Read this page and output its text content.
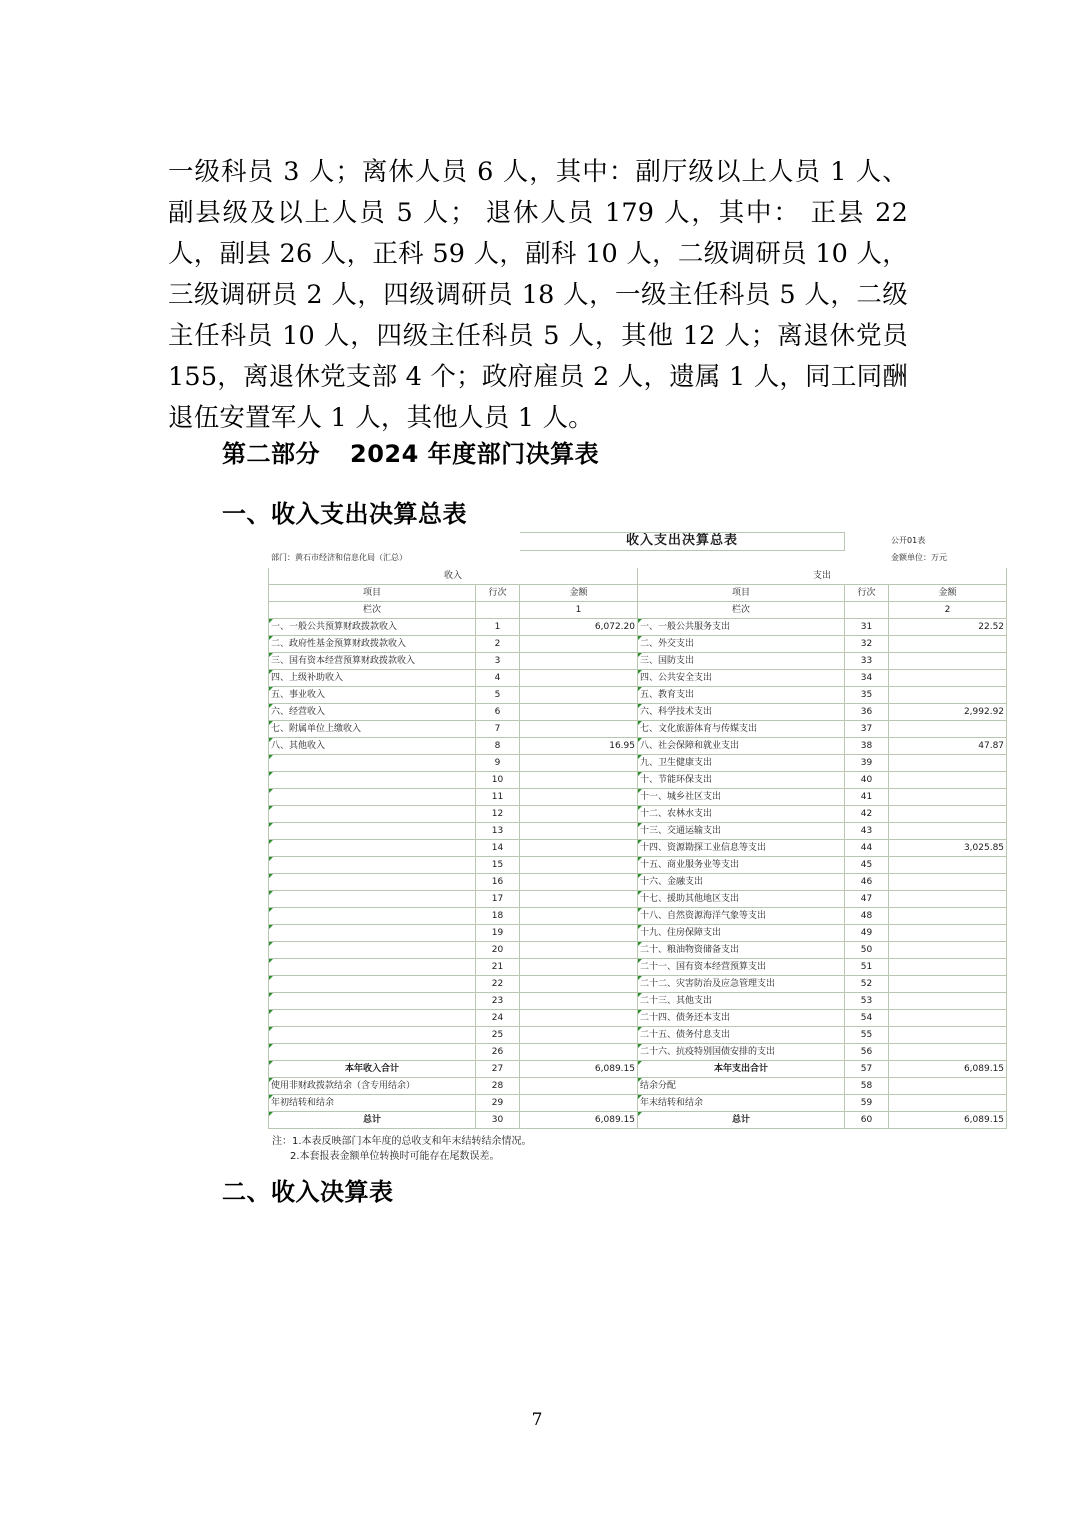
一级科员 3 人；离休人员 6 人，其中：副厅级以上人员 1 人、副县级及以上人员 5 人； 退休人员 179 人，其中： 正县 22 人，副县 26 人，正科 59 人，副科 10 人，二级调研员 10 人，三级调研员 2 人，四级调研员 18 人，一级主任科员 5 人，二级主任科员 10 人，四级主任科员 5 人，其他 12 人；离退休党员 155，离退休党支部 4 个；政府雇员 2 人，遗属 1 人，同工同酬退伍安置军人 1 人，其他人员 1 人。

第二部分 2024 年度部门决算表
一、收入支出决算总表
		收入支出决算总表			公开01表
部门：黄石市经济和信息化局（汇总）					金额单位：万元
收入			支出		
项目	行次	金额	项目	行次	金额
栏次		1	栏次		2
一、一般公共预算财政拨款收入	1	6,072.20	一、一般公共服务支出	31	22.52
二、政府性基金预算财政拨款收入	2		二、外交支出	32	
三、国有资本经营预算财政拨款收入	3		三、国防支出	33	
四、上级补助收入	4		四、公共安全支出	34	
五、事业收入	5		五、教育支出	35	
六、经营收入	6		六、科学技术支出	36	2,992.92
七、附属单位上缴收入	7		七、文化旅游体育与传媒支出	37	
八、其他收入	8	16.95	八、社会保障和就业支出	38	47.87
	9		九、卫生健康支出	39	
	10		十、节能环保支出	40	
	11		十一、城乡社区支出	41	
	12		十二、农林水支出	42	
	13		十三、交通运输支出	43	
	14		十四、资源勘探工业信息等支出	44	3,025.85
	15		十五、商业服务业等支出	45	
	16		十六、金融支出	46	
	17		十七、援助其他地区支出	47	
	18		十八、自然资源海洋气象等支出	48	
	19		十九、住房保障支出	49	
	20		二十、粮油物资储备支出	50	
	21		二十一、国有资本经营预算支出	51	
	22		二十二、灾害防治及应急管理支出	52	
	23		二十三、其他支出	53	
	24		二十四、债务还本支出	54	
	25		二十五、债务付息支出	55	
	26		二十六、抗疫特别国债安排的支出	56	
本年收入合计	27	6,089.15	本年支出合计	57	6,089.15
使用非财政拨款结余（含专用结余）	28		结余分配	58	
年初结转和结余	29		年末结转和结余	59	
总计	30	6,089.15	总计	60	6,089.15
注：1.本表反映部门本年度的总收支和年末结转结余情况。
2.本套报表金额单位转换时可能存在尾数误差。
二、收入决算表
7
